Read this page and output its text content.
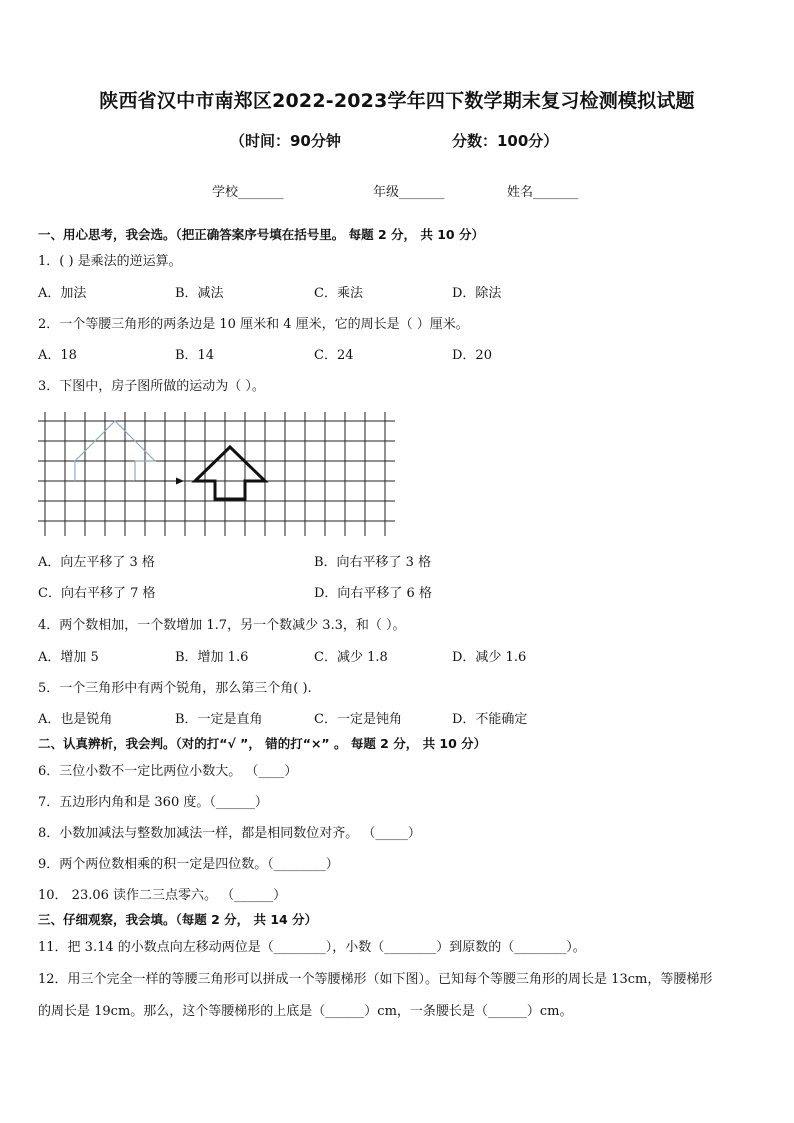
陕西省汉中市南郑区2022-2023学年四下数学期末复习检测模拟试题
（时间：90分钟	分数：100分）
学校_______	年级_______	姓名_______
一、用心思考，我会选。（把正确答案序号填在括号里。 每题 2 分， 共 10 分）
1．( ) 是乘法的逆运算。
A．加法	B．减法	C．乘法	D．除法
2．一个等腰三角形的两条边是 10 厘米和 4 厘米，它的周长是（ ）厘米。
A．18	B．14	C．24	D．20
3．下图中，房子图所做的运动为（ ）。
A．向左平移了 3 格	B．向右平移了 3 格
C．向右平移了 7 格	D．向右平移了 6 格
4．两个数相加，一个数增加 1.7，另一个数减少 3.3，和（ ）。
A．增加 5	B．增加 1.6	C．减少 1.8	D．减少 1.6
5．一个三角形中有两个锐角，那么第三个角( ).
A．也是锐角	B．一定是直角	C．一定是钝角	D．不能确定
二、认真辨析，我会判。（对的打“√ ”， 错的打“×” 。 每题 2 分， 共 10 分）
6．三位小数不一定比两位小数大。 （____）
7．五边形内角和是 360 度。（______）
8．小数加减法与整数加减法一样，都是相同数位对齐。 （_____）
9．两个两位数相乘的积一定是四位数。（________）
10． 23.06 读作二三点零六。 （______）
三、仔细观察，我会填。（每题 2 分， 共 14 分）
11．把 3.14 的小数点向左移动两位是（________），小数（________）到原数的（________）。
12．用三个完全一样的等腰三角形可以拼成一个等腰梯形（如下图）。已知每个等腰三角形的周长是 13cm，等腰梯形
的周长是 19cm。那么，这个等腰梯形的上底是（______）cm，一条腰长是（______）cm。
